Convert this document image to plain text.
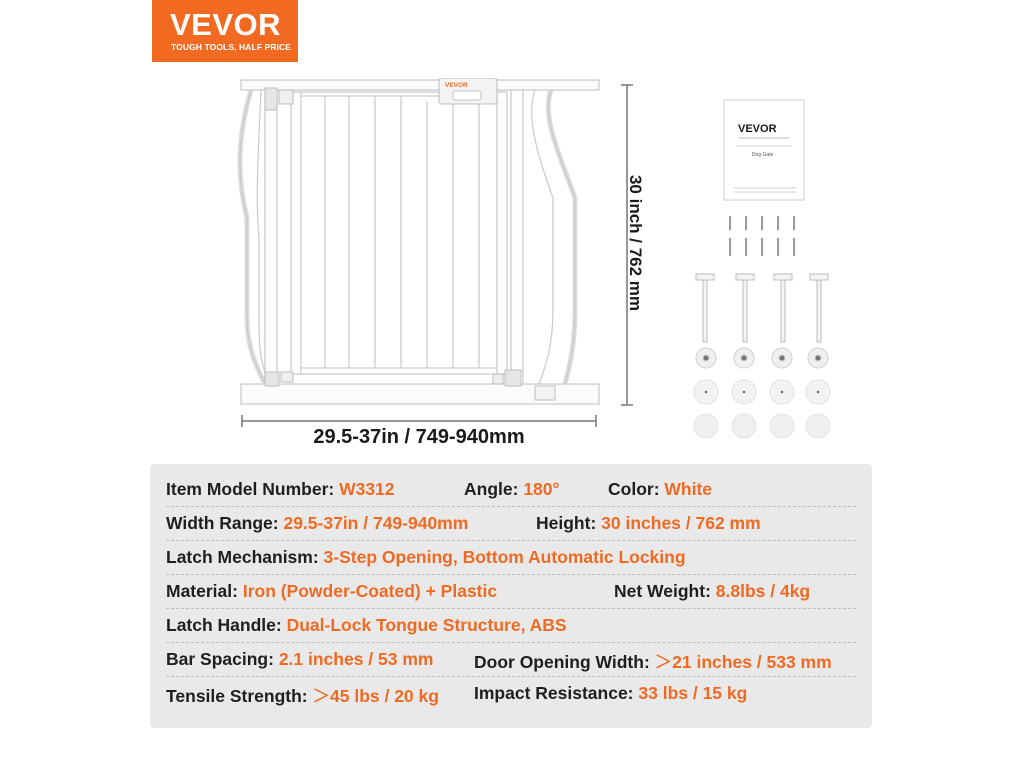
VEVOR
TOUGH TOOLS, HALF PRICE
VEVOR
29.5-37in / 749-940mm
30 inch / 762 mm
VEVOR
Dog Gate
Item Model Number: W3312	Angle: 180°	Color: White
Width Range: 29.5-37in / 749-940mm	Height: 30 inches / 762 mm
Latch Mechanism: 3-Step Opening, Bottom Automatic Locking
Material: Iron (Powder-Coated) + Plastic	Net Weight: 8.8lbs / 4kg
Latch Handle: Dual-Lock Tongue Structure, ABS
Bar Spacing: 2.1 inches / 53 mm Door Opening Width: ＞21 inches / 533 mm
Tensile Strength: ＞45 lbs / 20 kg Impact Resistance: 33 lbs / 15 kg
